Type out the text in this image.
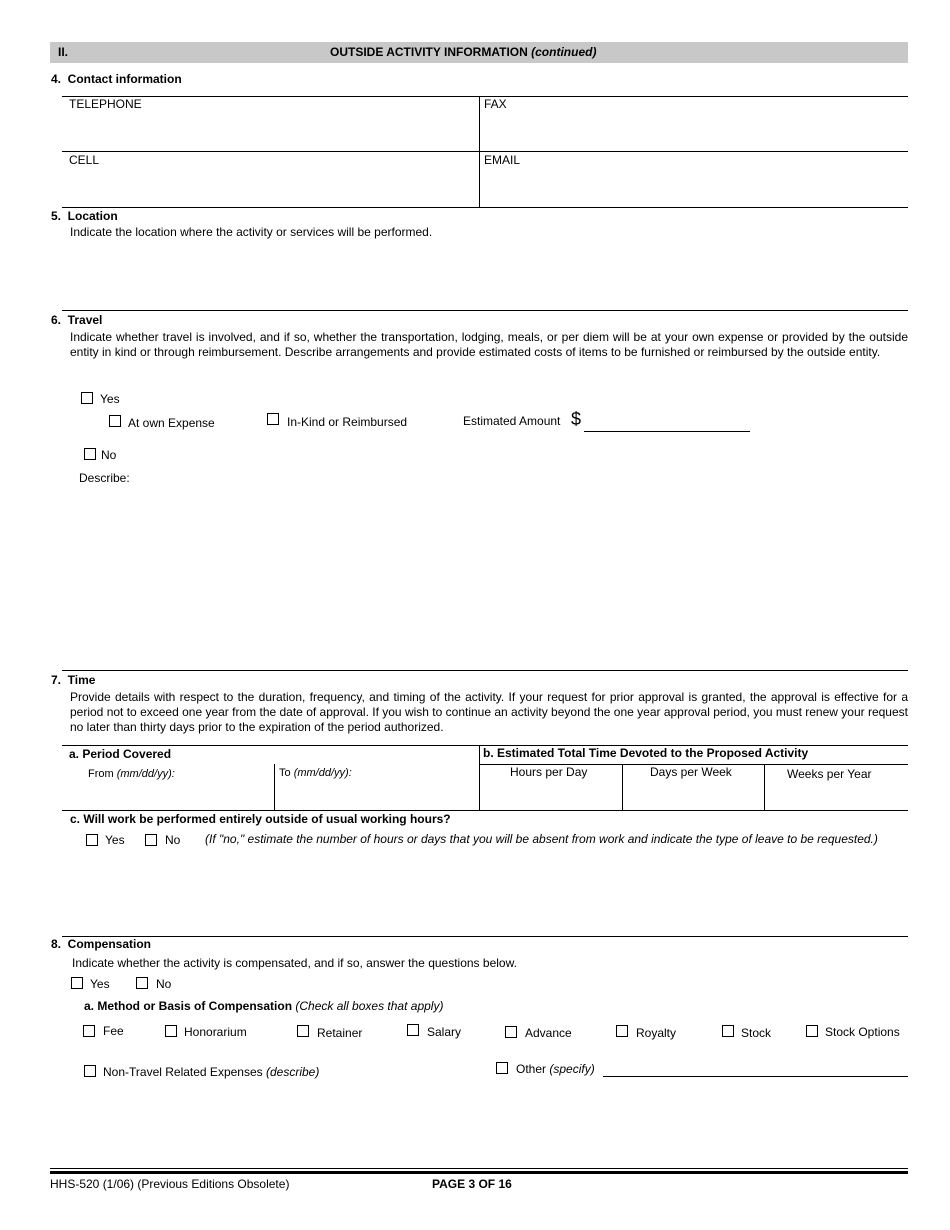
II.	OUTSIDE ACTIVITY INFORMATION (continued)
4.  Contact information
TELEPHONE	FAX
CELL	EMAIL
5.  Location
Indicate the location where the activity or services will be performed.
6.  Travel
Indicate whether travel is involved, and if so, whether the transportation, lodging, meals, or per diem will be at your own expense or provided by the outside entity in kind or through reimbursement. Describe arrangements and provide estimated costs of items to be furnished or reimbursed by the outside entity.
Yes
At own Expense	In-Kind or Reimbursed	Estimated Amount $
No
Describe:
7.  Time
Provide details with respect to the duration, frequency, and timing of the activity. If your request for prior approval is granted, the approval is effective for a period not to exceed one year from the date of approval. If you wish to continue an activity beyond the one year approval period, you must renew your request no later than thirty days prior to the expiration of the period authorized.
a. Period Covered
From (mm/dd/yy):	To (mm/dd/yy):
b. Estimated Total Time Devoted to the Proposed Activity
Hours per Day	Days per Week	Weeks per Year
c. Will work be performed entirely outside of usual working hours?
Yes	No (If "no," estimate the number of hours or days that you will be absent from work and indicate the type of leave to be requested.)
8.  Compensation
Indicate whether the activity is compensated, and if so, answer the questions below.
Yes	No
a. Method or Basis of Compensation (Check all boxes that apply)
Fee	Honorarium	Retainer	Salary	Advance	Royalty	Stock	Stock Options
Non-Travel Related Expenses (describe)	Other (specify)
HHS-520 (1/06) (Previous Editions Obsolete)	PAGE 3 OF 16
